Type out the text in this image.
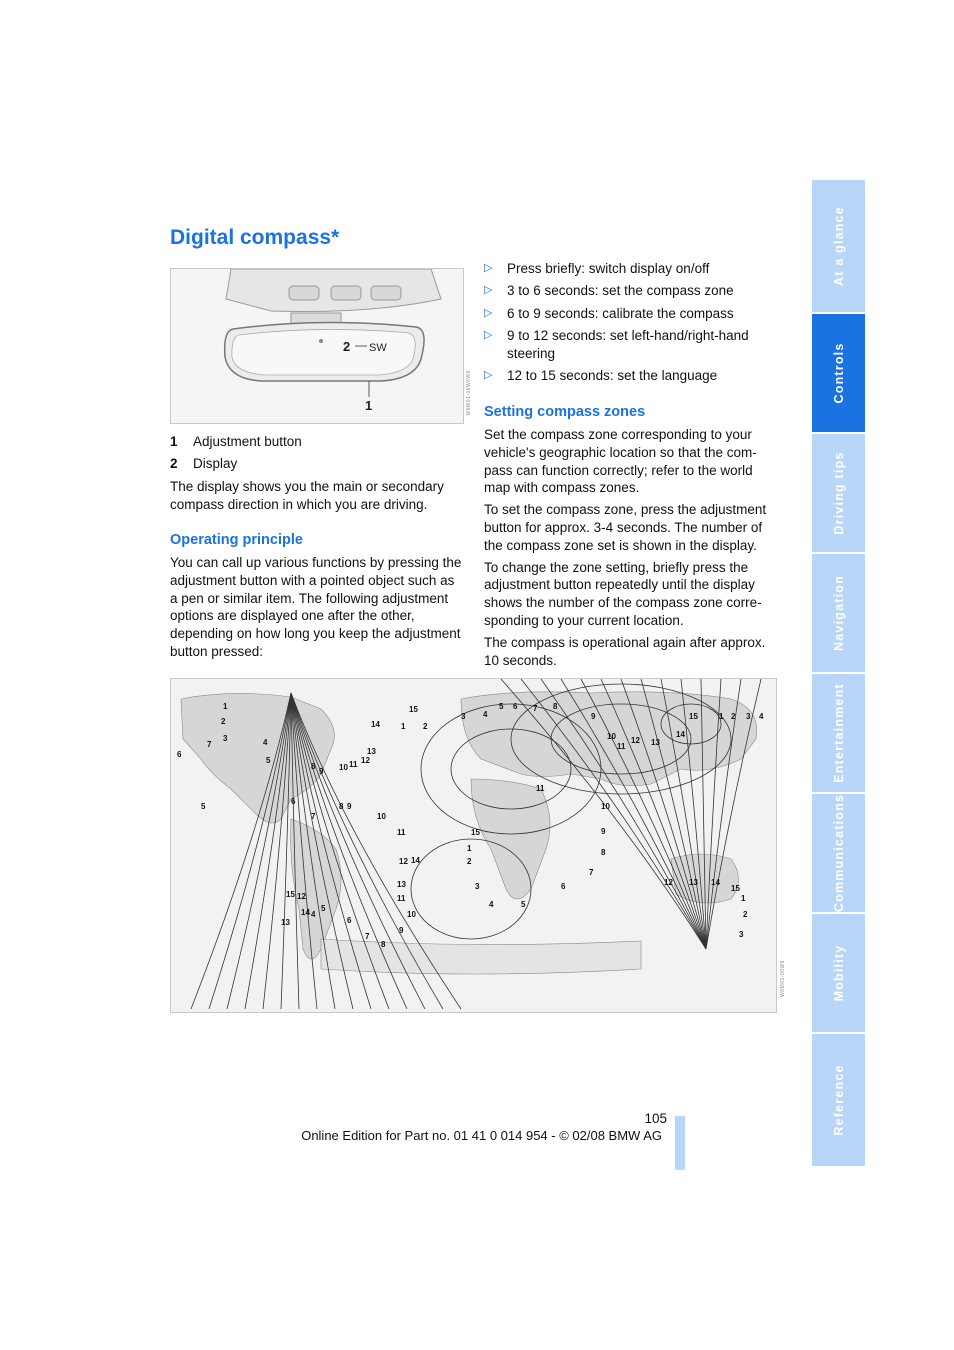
Digital compass*
2 SW
1	W6M01-06W6W6
1 Adjustment button
2 Display
The display shows you the main or secondary compass direction in which you are driving.
Operating principle
You can call up various functions by pressing the adjustment button with a pointed object such as a pen or similar item. The following adjustment options are displayed one after the other, depending on how long you keep the adjustment button pressed:
▷ Press briefly: switch display on/off
▷ 3 to 6 seconds: set the compass zone
▷ 6 to 9 seconds: calibrate the compass
▷ 9 to 12 seconds: set left-hand/right-hand steering
▷ 12 to 15 seconds: set the language
Setting compass zones

Set the compass zone corresponding to your vehicle's geographic location so that the com-pass can function correctly; refer to the world map with compass zones.

To set the compass zone, press the adjustment button for approx. 3-4 seconds. The number of the compass zone set is shown in the display.

To change the zone setting, briefly press the adjustment button repeatedly until the display shows the number of the compass zone corre-sponding to your current location.

The compass is operational again after approx. 10 seconds.

1
2
3	4
5
6
7
8
9 10 11 12
13
14
15
1 2
3 4
5 6 7 8
9
10
11
12 13
14
15	1 2 3 4
5
6
7
8 9
10
11
12
13
14
15
1
2
3
4	5
6
7
8
9
10
11
12 13 14
15
1
2
3
4
5
6
7
8
9
10
11
12
13
14
15
W6M01-06W6
At a glance
Controls
Driving tips
Navigation
Entertainment
Communications
Mobility
Reference
105
Online Edition for Part no. 01 41 0 014 954 - © 02/08 BMW AG
